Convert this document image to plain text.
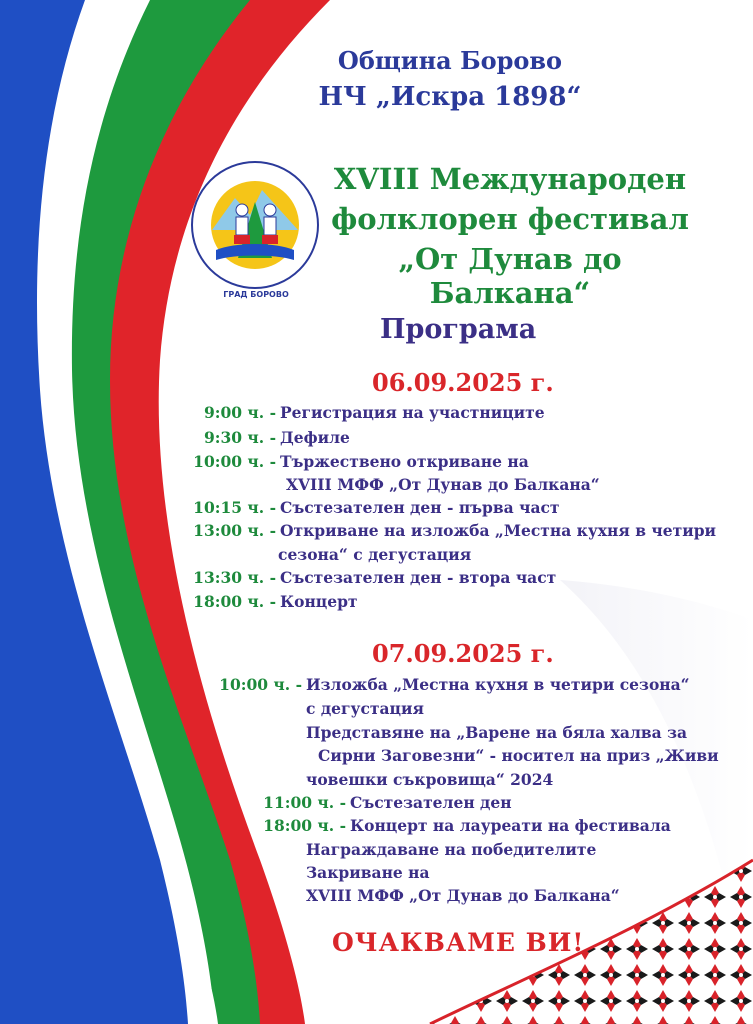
Община Борово
НЧ „Искра 1898“
ГРАД БОРОВО
XVIII Международен
фолклорен фестивал
„От Дунав до Балкана“
Програма
06.09.2025 г.
9:00 ч. - Регистрация на участниците
9:30 ч. - Дефиле
10:00 ч. - Тържествено откриване на
XVIII МФФ „От Дунав до Балкана“
10:15 ч. - Състезателен ден - първа част
13:00 ч. - Откриване на изложба „Местна кухня в четири
сезона“ с дегустация
13:30 ч. - Състезателен ден - втора част
18:00 ч. - Концерт
07.09.2025 г.
10:00 ч. - Изложба „Местна кухня в четири сезона“
с дегустация
Представяне на „Варене на бяла халва за
Сирни Заговезни“ - носител на приз „Живи
човешки съкровища“ 2024
11:00 ч. - Състезателен ден
18:00 ч. - Концерт на лауреати на фестивала
Награждаване на победителите
Закриване на
XVIII МФФ „От Дунав до Балкана“
ОЧАКВАМЕ ВИ!
